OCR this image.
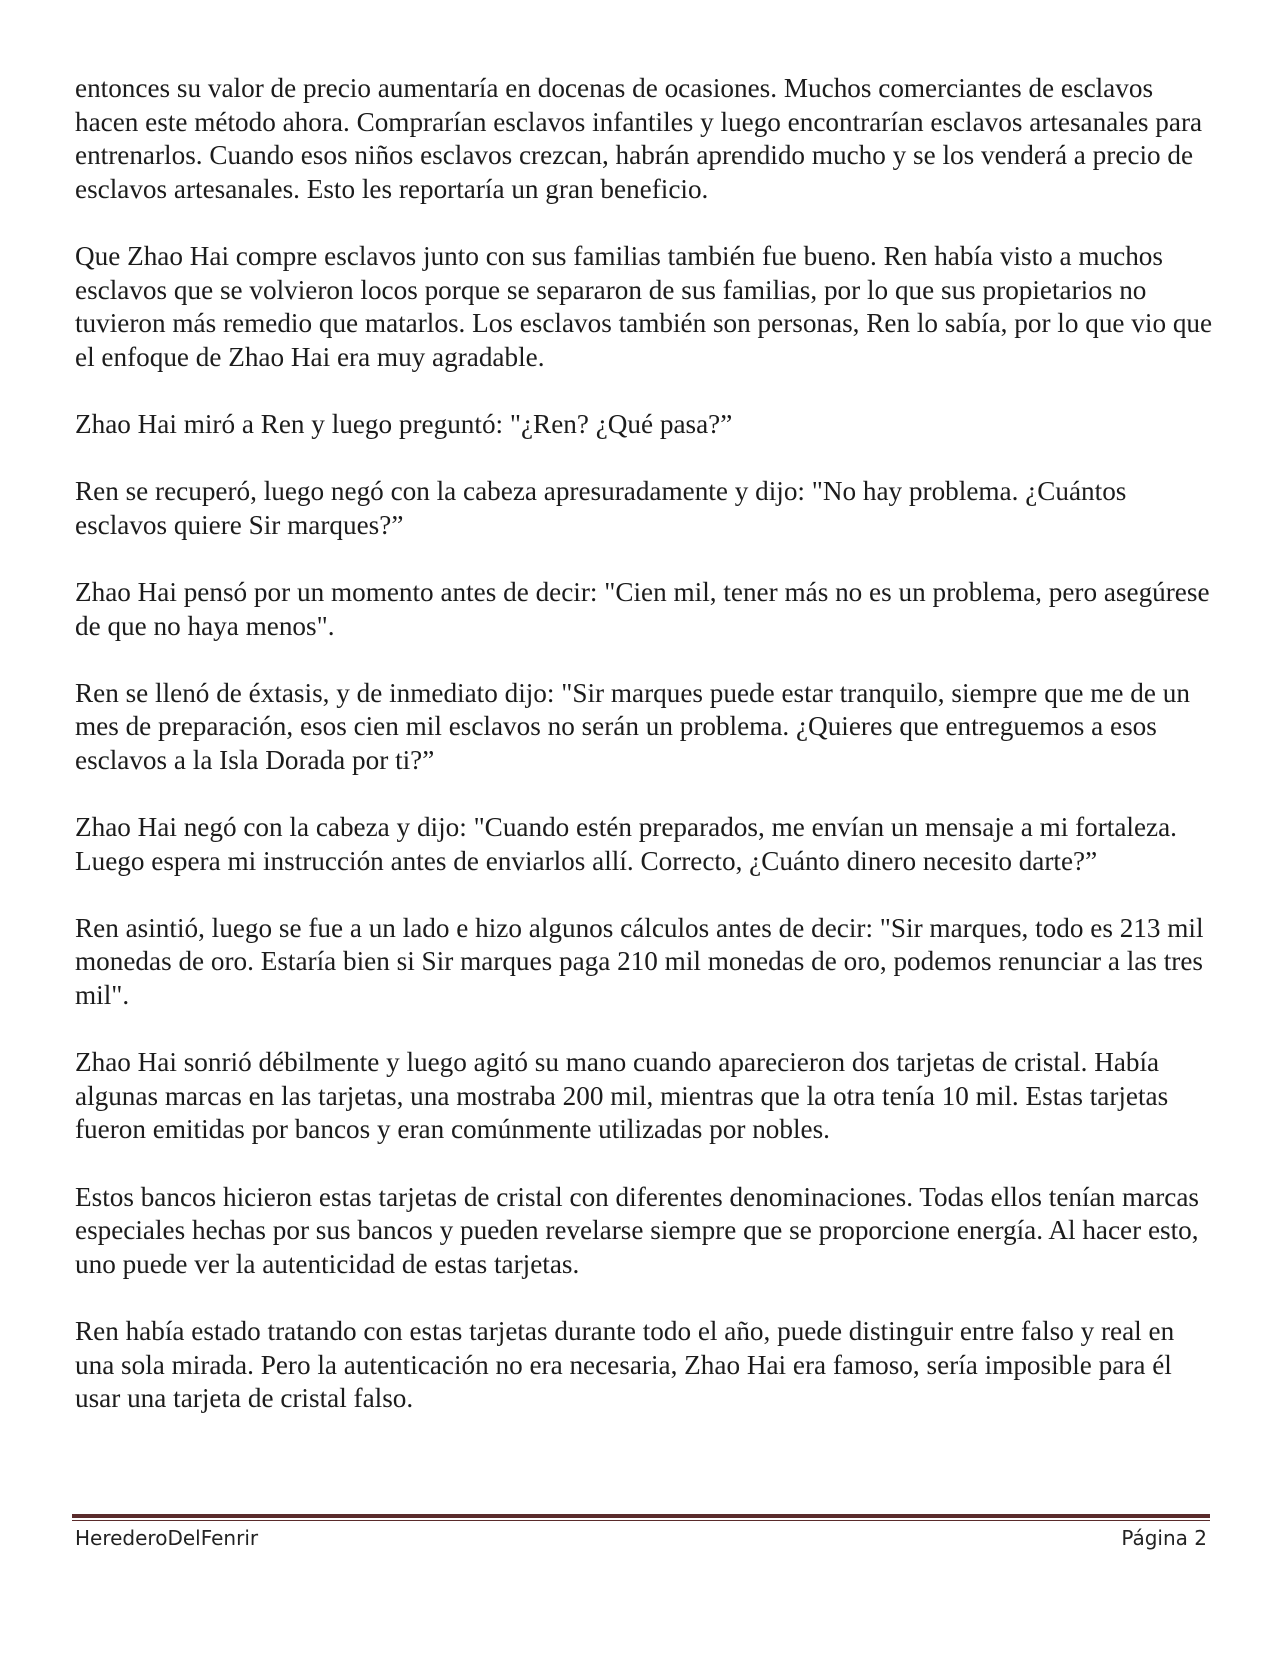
entonces su valor de precio aumentaría en docenas de ocasiones. Muchos comerciantes de esclavos hacen este método ahora. Comprarían esclavos infantiles y luego encontrarían esclavos artesanales para entrenarlos. Cuando esos niños esclavos crezcan, habrán aprendido mucho y se los venderá a precio de esclavos artesanales. Esto les reportaría un gran beneficio.

Que Zhao Hai compre esclavos junto con sus familias también fue bueno. Ren había visto a muchos esclavos que se volvieron locos porque se separaron de sus familias, por lo que sus propietarios no tuvieron más remedio que matarlos. Los esclavos también son personas, Ren lo sabía, por lo que vio que el enfoque de Zhao Hai era muy agradable.

Zhao Hai miró a Ren y luego preguntó: "¿Ren? ¿Qué pasa?”

Ren se recuperó, luego negó con la cabeza apresuradamente y dijo: "No hay problema. ¿Cuántos esclavos quiere Sir marques?”

Zhao Hai pensó por un momento antes de decir: "Cien mil, tener más no es un problema, pero asegúrese de que no haya menos".

Ren se llenó de éxtasis, y de inmediato dijo: "Sir marques puede estar tranquilo, siempre que me de un mes de preparación, esos cien mil esclavos no serán un problema. ¿Quieres que entreguemos a esos esclavos a la Isla Dorada por ti?”

Zhao Hai negó con la cabeza y dijo: "Cuando estén preparados, me envían un mensaje a mi fortaleza. Luego espera mi instrucción antes de enviarlos allí. Correcto, ¿Cuánto dinero necesito darte?”

Ren asintió, luego se fue a un lado e hizo algunos cálculos antes de decir: "Sir marques, todo es 213 mil monedas de oro. Estaría bien si Sir marques paga 210 mil monedas de oro, podemos renunciar a las tres mil".

Zhao Hai sonrió débilmente y luego agitó su mano cuando aparecieron dos tarjetas de cristal. Había algunas marcas en las tarjetas, una mostraba 200 mil, mientras que la otra tenía 10 mil. Estas tarjetas fueron emitidas por bancos y eran comúnmente utilizadas por nobles.

Estos bancos hicieron estas tarjetas de cristal con diferentes denominaciones. Todas ellos tenían marcas especiales hechas por sus bancos y pueden revelarse siempre que se proporcione energía. Al hacer esto, uno puede ver la autenticidad de estas tarjetas.

Ren había estado tratando con estas tarjetas durante todo el año, puede distinguir entre falso y real en una sola mirada. Pero la autenticación no era necesaria, Zhao Hai era famoso, sería imposible para él usar una tarjeta de cristal falso.

HerederoDelFenrir	Página 2
